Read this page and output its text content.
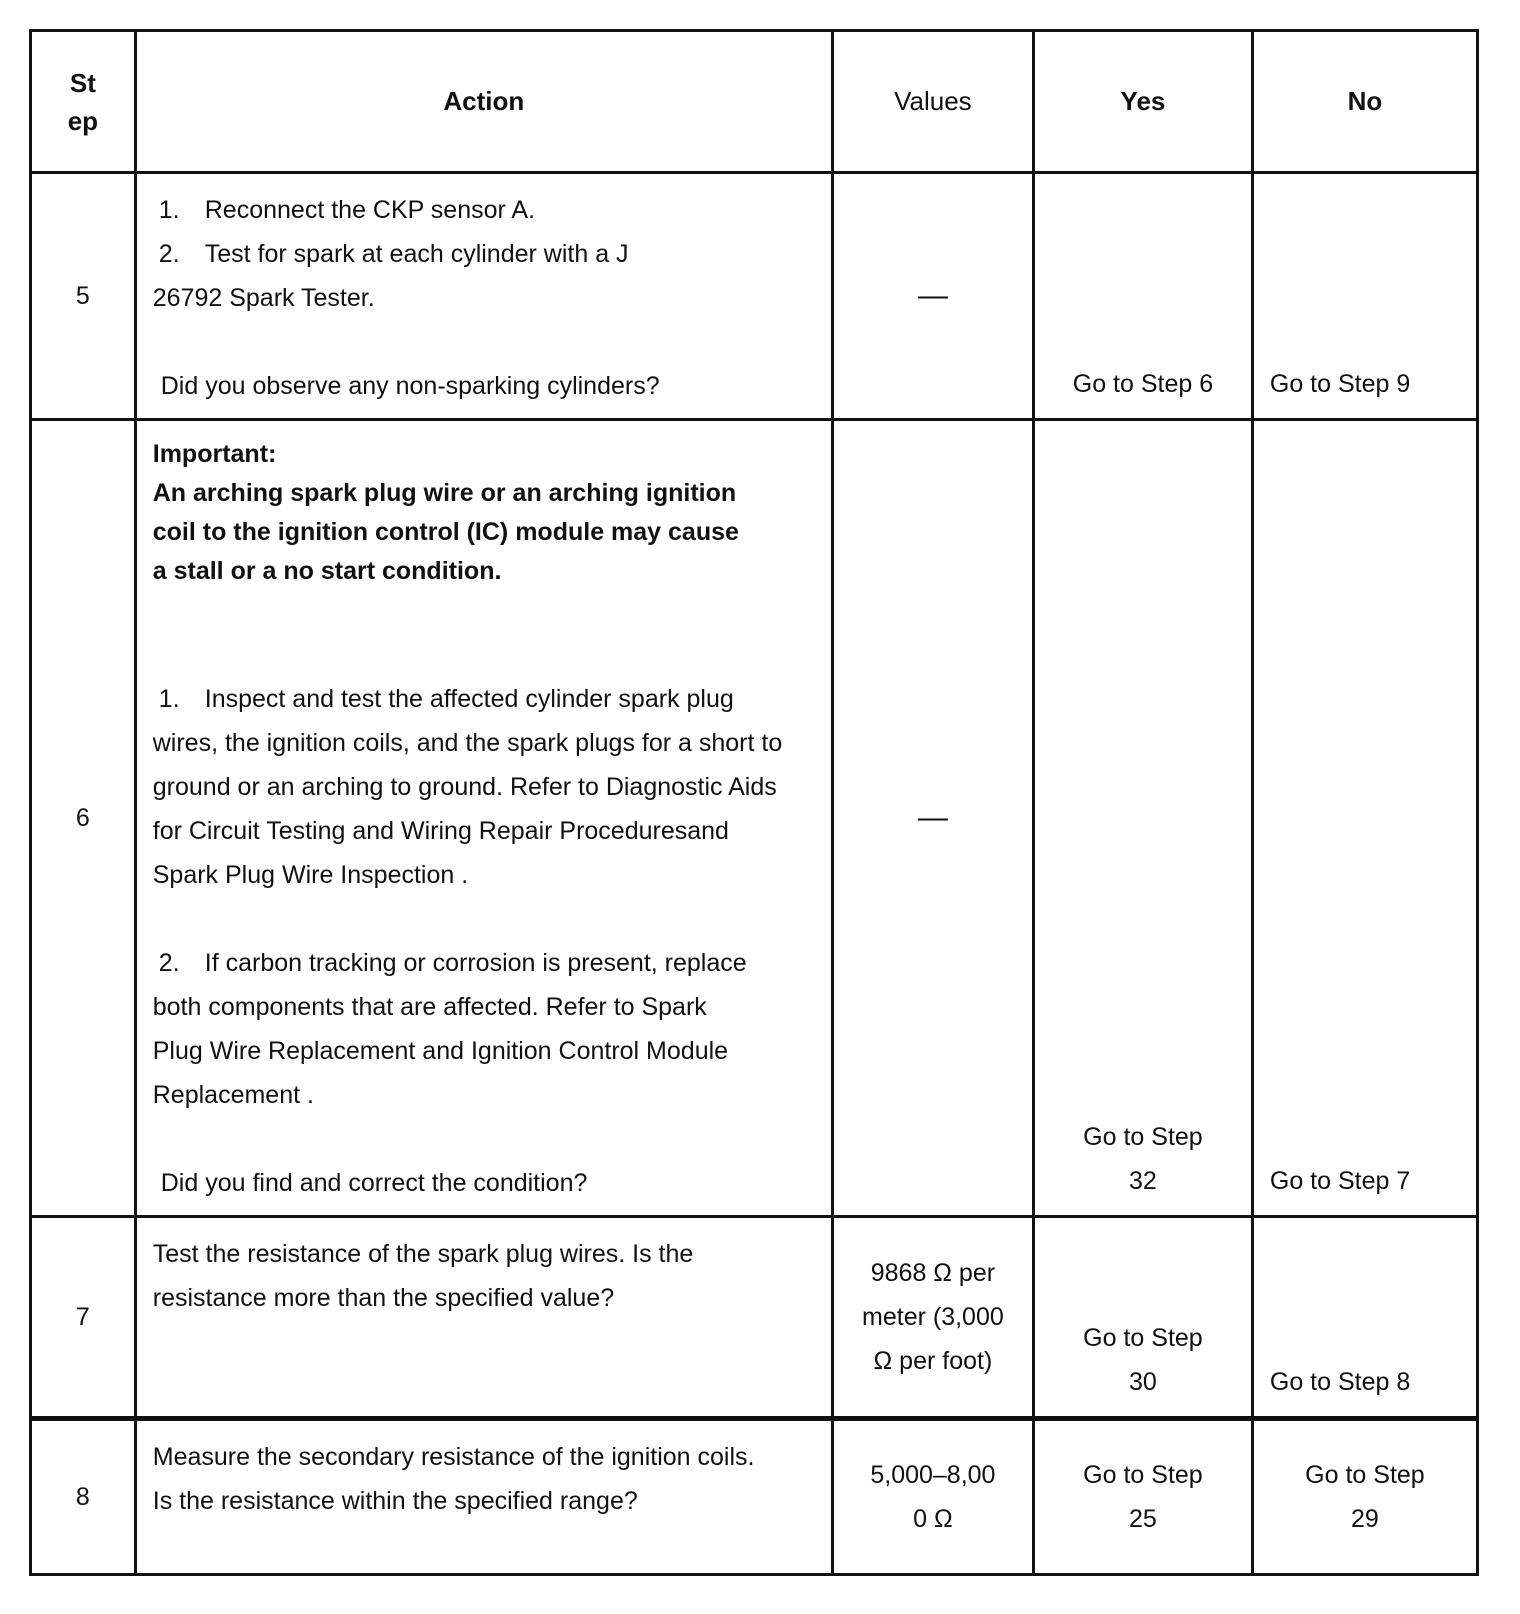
St ep	Action	Values	Yes	No
5	1. Reconnect the CKP sensor A.
2. Test for spark at each cylinder with a J 26792 Spark Tester.
Did you observe any non-sparking cylinders?	—	Go to Step 6	Go to Step 9
6	Important:
An arching spark plug wire or an arching ignition coil to the ignition control (IC) module may cause a stall or a no start condition.
1. Inspect and test the affected cylinder spark plug wires, the ignition coils, and the spark plugs for a short to ground or an arching to ground. Refer to Diagnostic Aids for Circuit Testing and Wiring Repair Proceduresand Spark Plug Wire Inspection .
2. If carbon tracking or corrosion is present, replace both components that are affected. Refer to Spark Plug Wire Replacement and Ignition Control Module Replacement .
Did you find and correct the condition?	—	Go to Step 32	Go to Step 7
7	Test the resistance of the spark plug wires. Is the resistance more than the specified value?	9868 Ω per meter (3,000 Ω per foot)	Go to Step 30	Go to Step 8
8	Measure the secondary resistance of the ignition coils. Is the resistance within the specified range?	5,000–8,000 Ω	Go to Step 25	Go to Step 29
